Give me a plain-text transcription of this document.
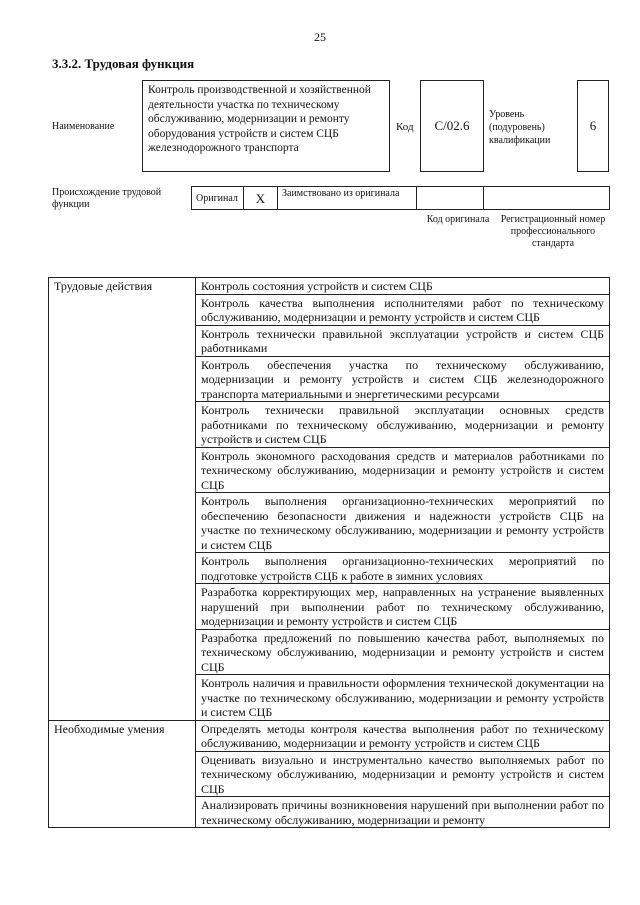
25
3.3.2. Трудовая функция
Наименование
Контроль производственной и хозяйственной деятельности участка по техническому обслуживанию, модернизации и ремонту оборудования устройств и систем СЦБ железнодорожного транспорта
Код	С/02.6
Уровень (подуровень) квалификации
6
Происхождение трудовой функции
Оригинал	X	Заимствовано из оригинала
Код оригинала Регистрационный номер профессионального стандарта
Трудовые действия	Контроль состояния устройств и систем СЦБ
	Контроль качества выполнения исполнителями работ по техническому обслуживанию, модернизации и ремонту устройств и систем СЦБ
	Контроль технически правильной эксплуатации устройств и систем СЦБ работниками
	Контроль обеспечения участка по техническому обслуживанию, модернизации и ремонту устройств и систем СЦБ железнодорожного транспорта материальными и энергетическими ресурсами
	Контроль технически правильной эксплуатации основных средств работниками по техническому обслуживанию, модернизации и ремонту устройств и систем СЦБ
	Контроль экономного расходования средств и материалов работниками по техническому обслуживанию, модернизации и ремонту устройств и систем СЦБ
	Контроль выполнения организационно-технических мероприятий по обеспечению безопасности движения и надежности устройств СЦБ на участке по техническому обслуживанию, модернизации и ремонту устройств и систем СЦБ
	Контроль выполнения организационно-технических мероприятий по подготовке устройств СЦБ к работе в зимних условиях
	Разработка корректирующих мер, направленных на устранение выявленных нарушений при выполнении работ по техническому обслуживанию, модернизации и ремонту устройств и систем СЦБ
	Разработка предложений по повышению качества работ, выполняемых по техническому обслуживанию, модернизации и ремонту устройств и систем СЦБ
	Контроль наличия и правильности оформления технической документации на участке по техническому обслуживанию, модернизации и ремонту устройств и систем СЦБ
Необходимые умения	Определять методы контроля качества выполнения работ по техническому обслуживанию, модернизации и ремонту устройств и систем СЦБ
	Оценивать визуально и инструментально качество выполняемых работ по техническому обслуживанию, модернизации и ремонту устройств и систем СЦБ
	Анализировать причины возникновения нарушений при выполнении работ по техническому обслуживанию, модернизации и ремонту
